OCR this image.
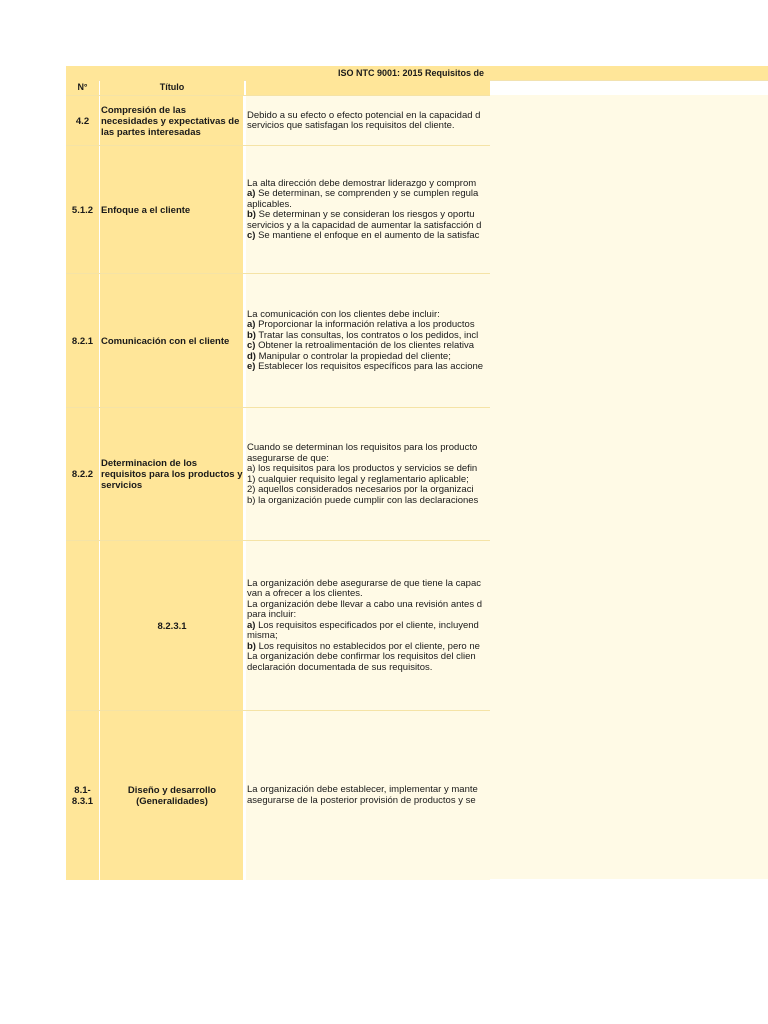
ISO NTC 9001: 2015 Requisitos de
N°	Título
4.2
Compresión de las necesidades y expectativas de las partes interesadas
Debido a su efecto o efecto potencial en la capacidad d
servicios que satisfagan los requisitos del cliente.
5.1.2 Enfoque a el cliente
La alta dirección debe demostrar liderazgo y comprom
a) Se determinan, se comprenden y se cumplen regula
aplicables.
b) Se determinan y se consideran los riesgos y oportu
servicios y a la capacidad de aumentar la satisfacción d
c) Se mantiene el enfoque en el aumento de la satisfac
8.2.1 Comunicación con el cliente
La comunicación con los clientes debe incluir:
a) Proporcionar la información relativa a los productos
b) Tratar las consultas, los contratos o los pedidos, incl
c) Obtener la retroalimentación de los clientes relativa
d) Manipular o controlar la propiedad del cliente;
e) Establecer los requisitos específicos para las accione
8.2.2
Determinacion de los requisitos para los productos y servicios
Cuando se determinan los requisitos para los producto
asegurarse de que:
a) los requisitos para los productos y servicios se defin
1) cualquier requisito legal y reglamentario aplicable;
2) aquellos considerados necesarios por la organizaci
b) la organización puede cumplir con las declaraciones
8.2.3.1
La organización debe asegurarse de que tiene la capac
van a ofrecer a los clientes.
La organización debe llevar a cabo una revisión antes d
para incluir:
a) Los requisitos especificados por el cliente, incluyend
misma;
b) Los requisitos no establecidos por el cliente, pero ne
La organización debe confirmar los requisitos del clien
declaración documentada de sus requisitos.
8.1-
8.3.1
Diseño y desarrollo (Generalidades)
La organización debe establecer, implementar y mante
asegurarse de la posterior provisión de productos y se
